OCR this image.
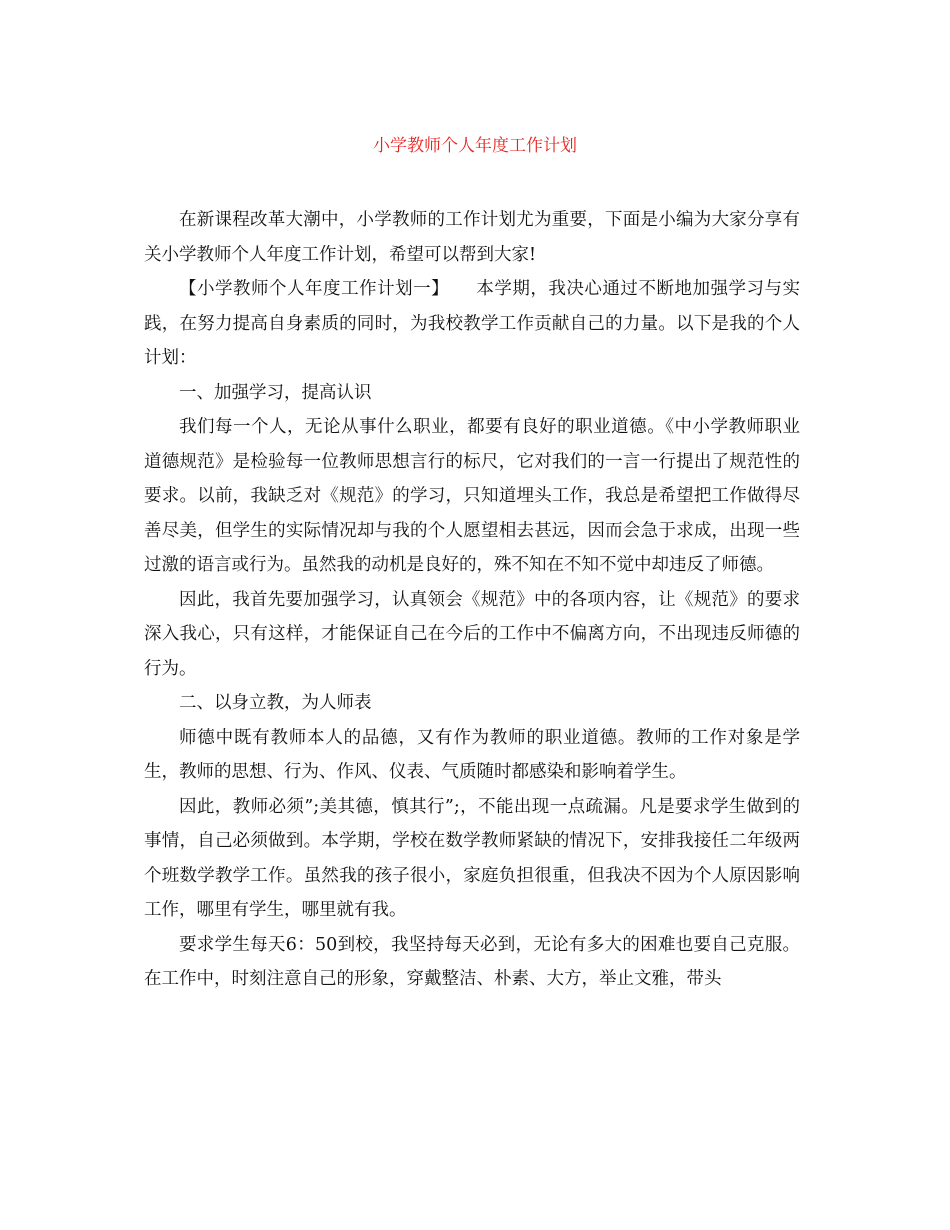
小学教师个人年度工作计划

在新课程改革大潮中，小学教师的工作计划尤为重要，下面是小编为大家分享有关小学教师个人年度工作计划，希望可以帮到大家!

【小学教师个人年度工作计划一】　　本学期，我决心通过不断地加强学习与实践，在努力提高自身素质的同时，为我校教学工作贡献自己的力量。以下是我的个人计划：

一、加强学习，提高认识

我们每一个人，无论从事什么职业，都要有良好的职业道德。《中小学教师职业道德规范》是检验每一位教师思想言行的标尺，它对我们的一言一行提出了规范性的要求。以前，我缺乏对《规范》的学习，只知道埋头工作，我总是希望把工作做得尽善尽美，但学生的实际情况却与我的个人愿望相去甚远，因而会急于求成，出现一些过激的语言或行为。虽然我的动机是良好的，殊不知在不知不觉中却违反了师德。

因此，我首先要加强学习，认真领会《规范》中的各项内容，让《规范》的要求深入我心，只有这样，才能保证自己在今后的工作中不偏离方向，不出现违反师德的行为。

二、以身立教，为人师表

师德中既有教师本人的品德，又有作为教师的职业道德。教师的工作对象是学生，教师的思想、行为、作风、仪表、气质随时都感染和影响着学生。

因此，教师必须”;美其德，慎其行”;，不能出现一点疏漏。凡是要求学生做到的事情，自己必须做到。本学期，学校在数学教师紧缺的情况下，安排我接任二年级两个班数学教学工作。虽然我的孩子很小，家庭负担很重，但我决不因为个人原因影响工作，哪里有学生，哪里就有我。

要求学生每天6：50到校，我坚持每天必到，无论有多大的困难也要自己克服。在工作中，时刻注意自己的形象，穿戴整洁、朴素、大方，举止文雅，带头
